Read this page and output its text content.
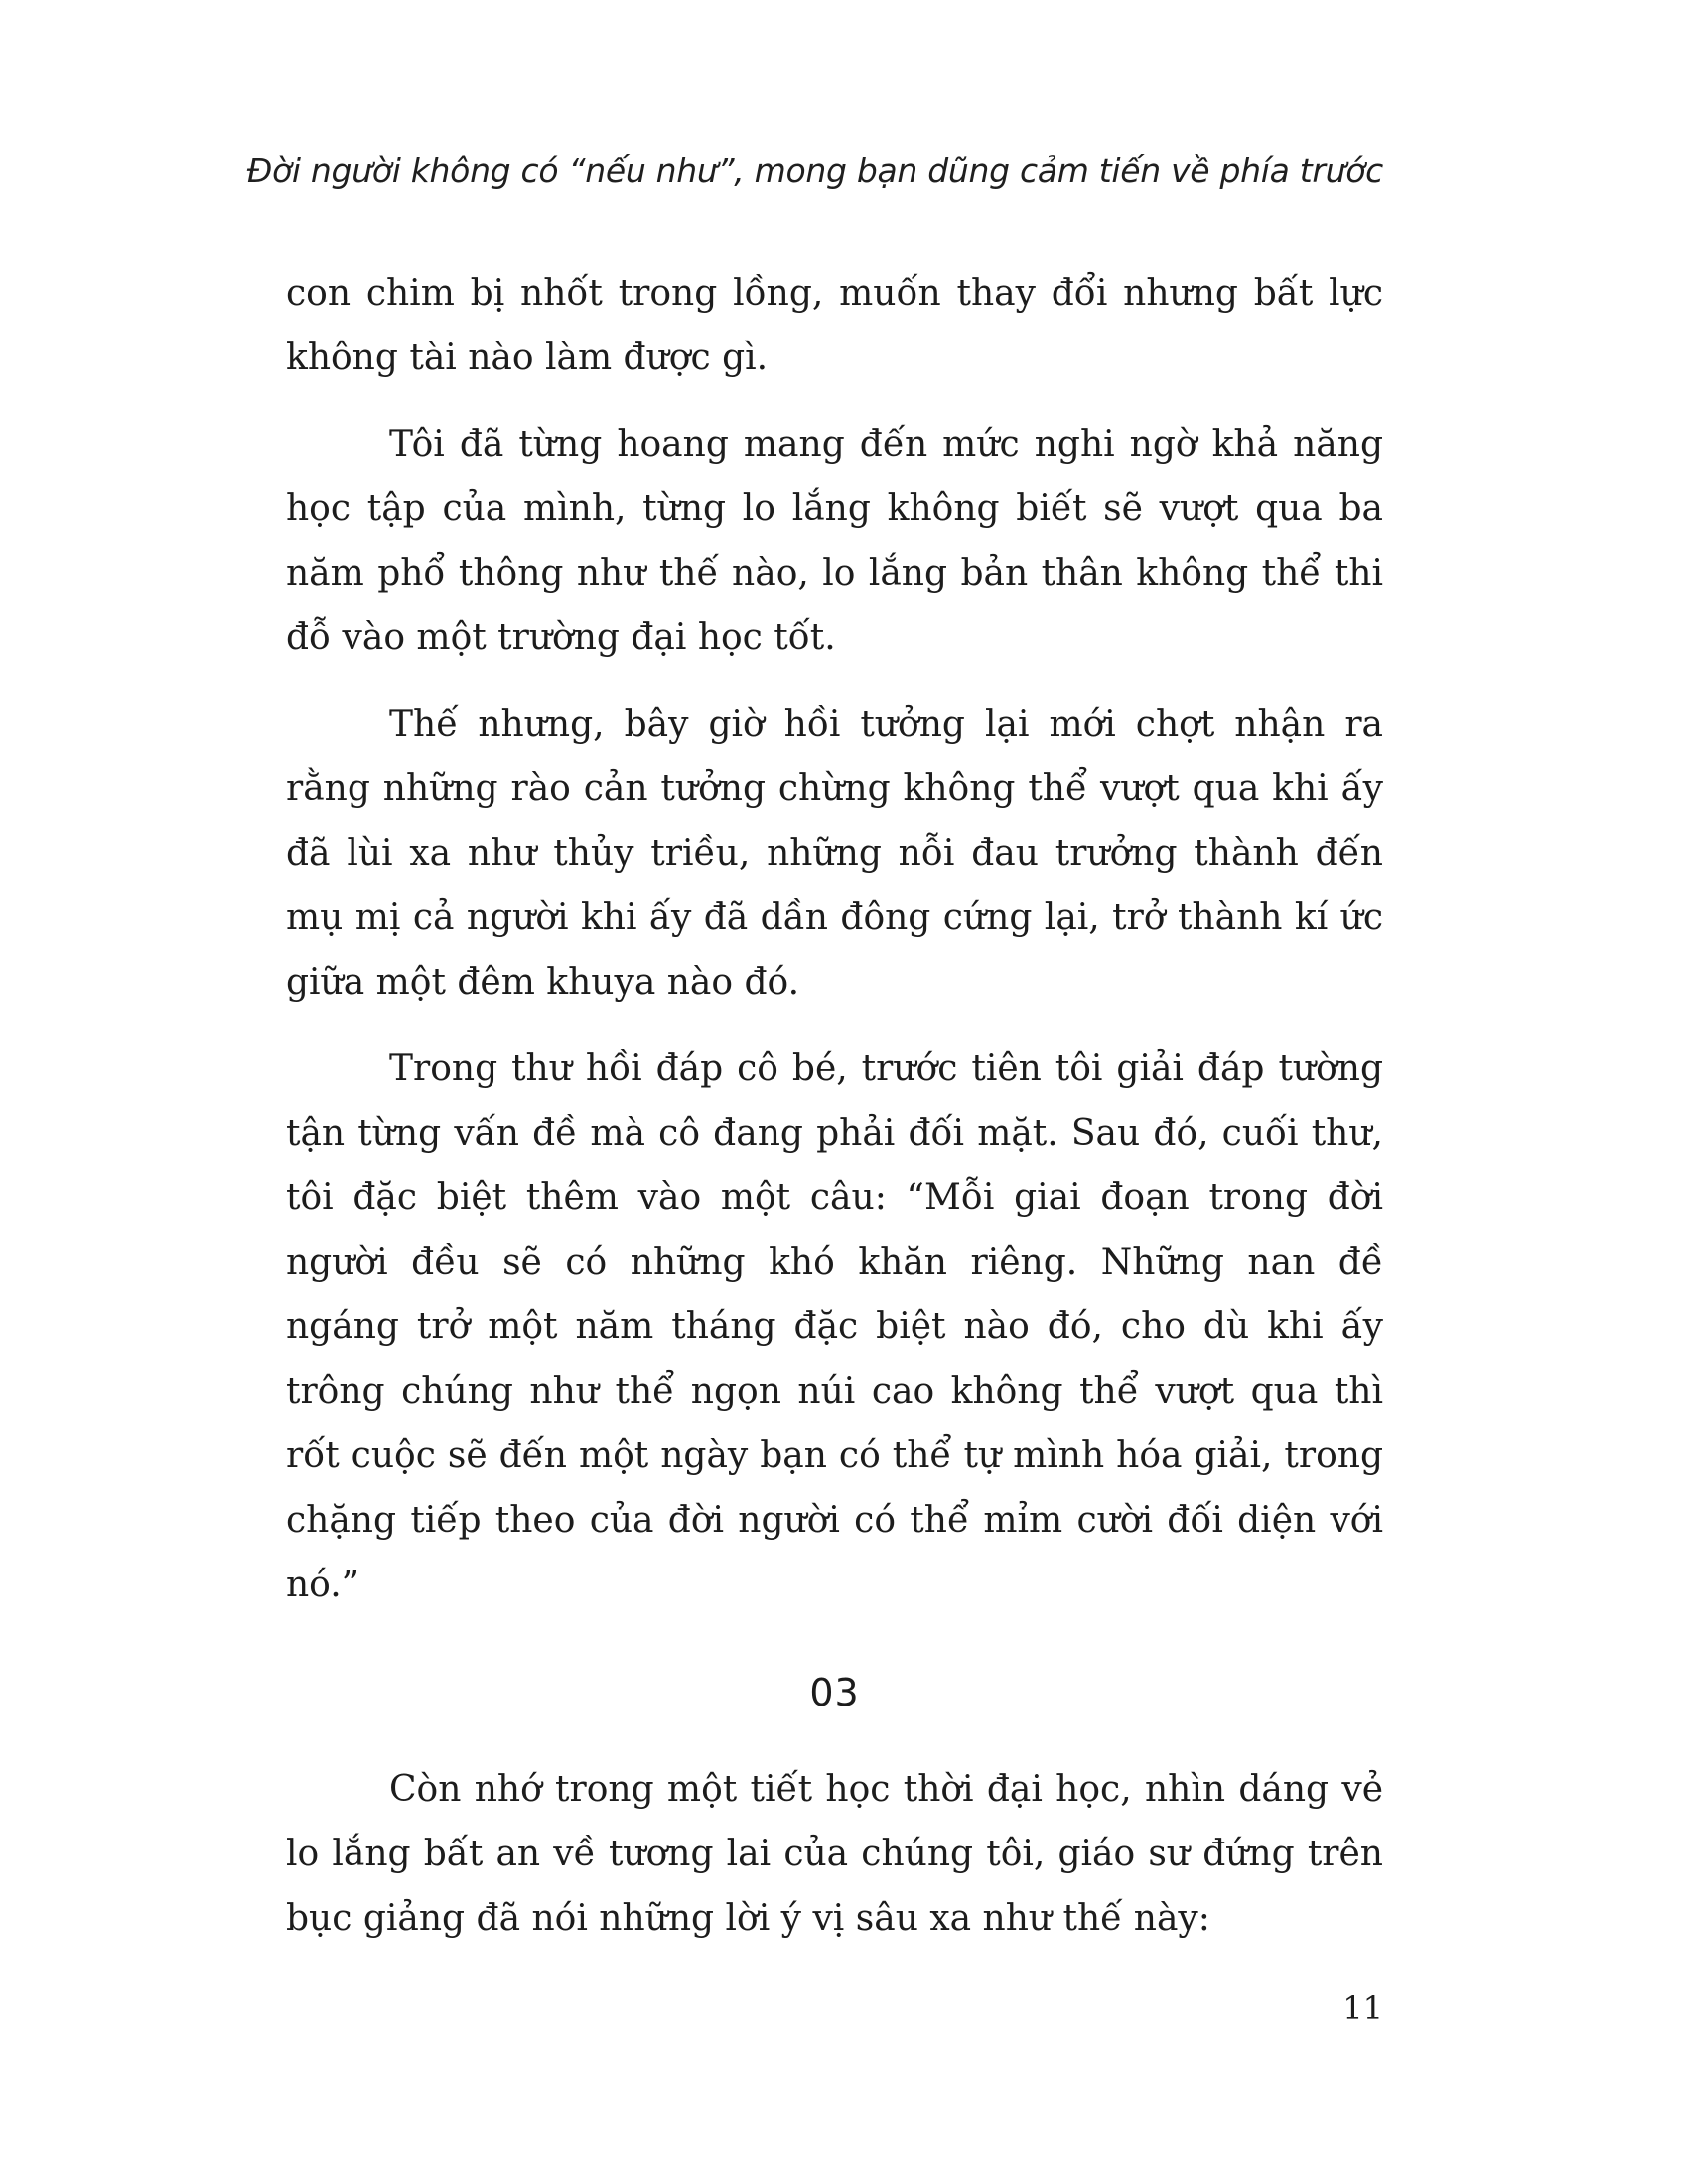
Đời người không có “nếu như”, mong bạn dũng cảm tiến về phía trước

con chim bị nhốt trong lồng, muốn thay đổi nhưng bất lực không tài nào làm được gì.

Tôi đã từng hoang mang đến mức nghi ngờ khả năng học tập của mình, từng lo lắng không biết sẽ vượt qua ba năm phổ thông như thế nào, lo lắng bản thân không thể thi đỗ vào một trường đại học tốt.

Thế nhưng, bây giờ hồi tưởng lại mới chợt nhận ra rằng những rào cản tưởng chừng không thể vượt qua khi ấy đã lùi xa như thủy triều, những nỗi đau trưởng thành đến mụ mị cả người khi ấy đã dần đông cứng lại, trở thành kí ức giữa một đêm khuya nào đó.

Trong thư hồi đáp cô bé, trước tiên tôi giải đáp tường tận từng vấn đề mà cô đang phải đối mặt. Sau đó, cuối thư, tôi đặc biệt thêm vào một câu: “Mỗi giai đoạn trong đời người đều sẽ có những khó khăn riêng. Những nan đề ngáng trở một năm tháng đặc biệt nào đó, cho dù khi ấy trông chúng như thể ngọn núi cao không thể vượt qua thì rốt cuộc sẽ đến một ngày bạn có thể tự mình hóa giải, trong chặng tiếp theo của đời người có thể mỉm cười đối diện với nó.”

03

Còn nhớ trong một tiết học thời đại học, nhìn dáng vẻ lo lắng bất an về tương lai của chúng tôi, giáo sư đứng trên bục giảng đã nói những lời ý vị sâu xa như thế này:

11
